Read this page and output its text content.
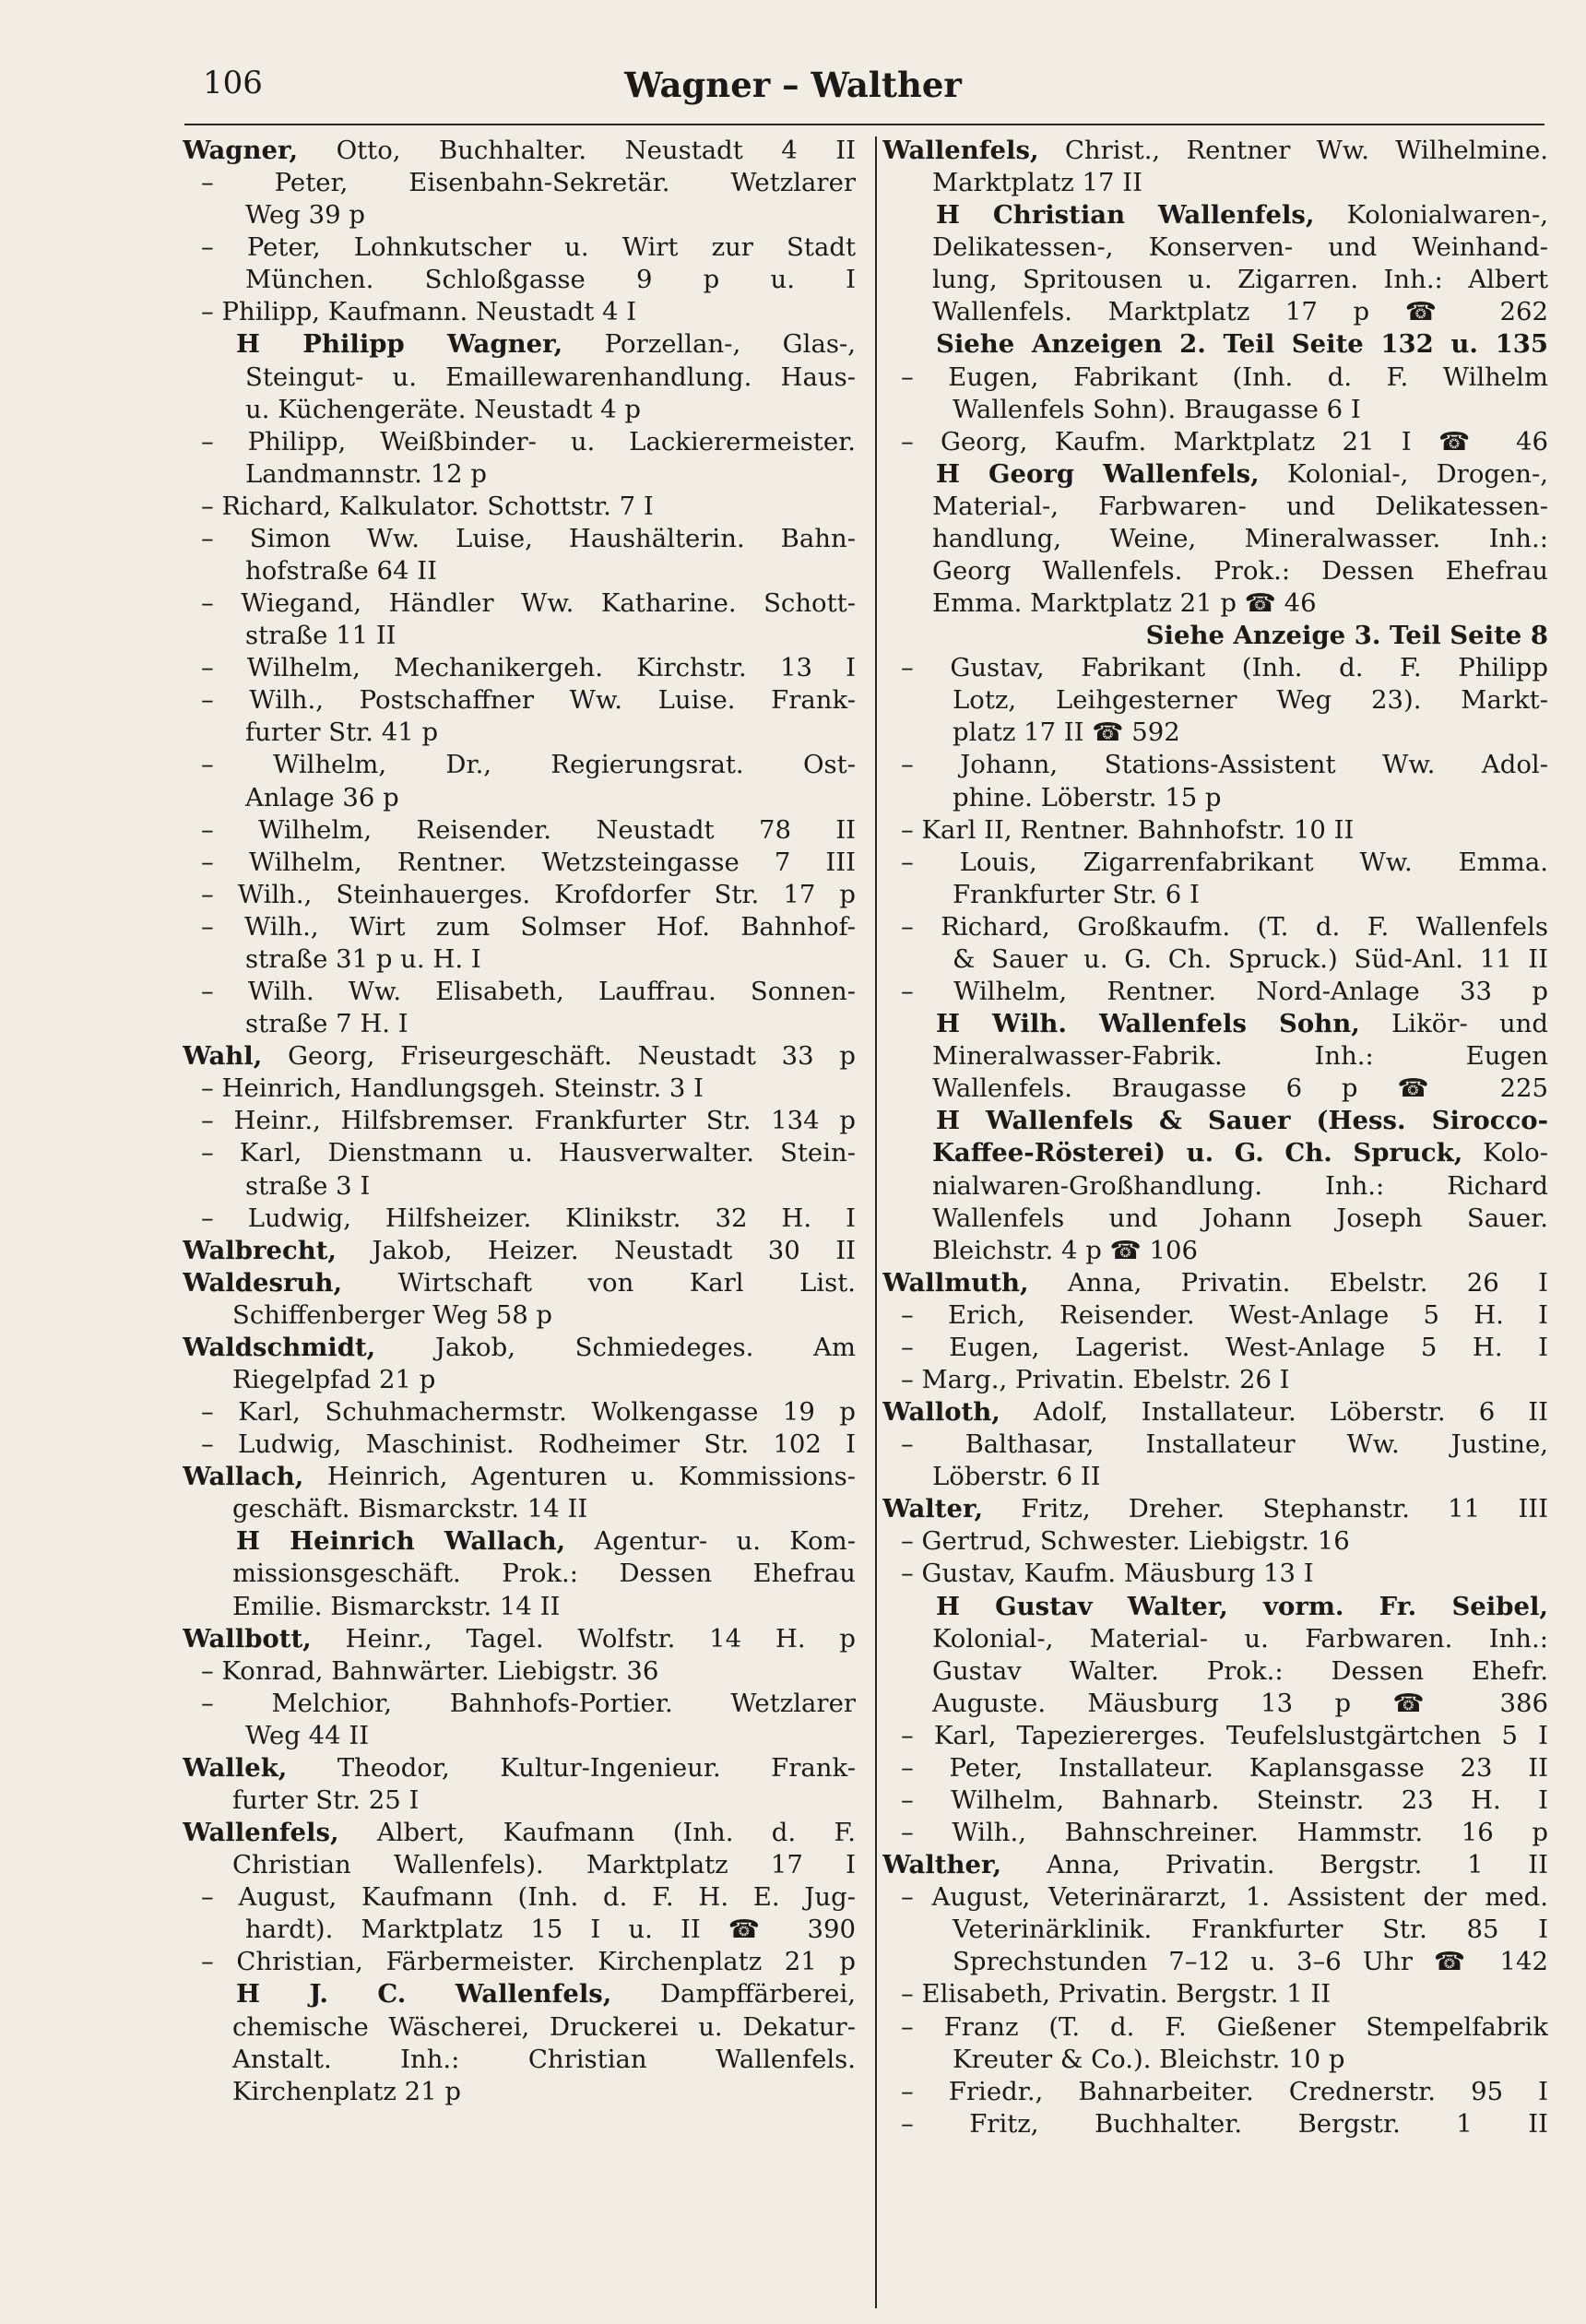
106	Wagner – Walther
Wagner, Otto, Buchhalter. Neustadt 4 II
– Peter, Eisenbahn-Sekretär. Wetzlarer
Weg 39 p
– Peter, Lohnkutscher u. Wirt zur Stadt
München. Schloßgasse 9 p u. I
– Philipp, Kaufmann. Neustadt 4 I
H Philipp Wagner, Porzellan-, Glas-,
Steingut- u. Emaillewarenhandlung. Haus-
u. Küchengeräte. Neustadt 4 p
– Philipp, Weißbinder- u. Lackierermeister.
Landmannstr. 12 p
– Richard, Kalkulator. Schottstr. 7 I
– Simon Ww. Luise, Haushälterin. Bahn-
hofstraße 64 II
– Wiegand, Händler Ww. Katharine. Schott-
straße 11 II
– Wilhelm, Mechanikergeh. Kirchstr. 13 I
– Wilh., Postschaffner Ww. Luise. Frank-
furter Str. 41 p
– Wilhelm, Dr., Regierungsrat. Ost-
Anlage 36 p
– Wilhelm, Reisender. Neustadt 78 II
– Wilhelm, Rentner. Wetzsteingasse 7 III
– Wilh., Steinhauerges. Krofdorfer Str. 17 p
– Wilh., Wirt zum Solmser Hof. Bahnhof-
straße 31 p u. H. I
– Wilh. Ww. Elisabeth, Lauffrau. Sonnen-
straße 7 H. I
Wahl, Georg, Friseurgeschäft. Neustadt 33 p
– Heinrich, Handlungsgeh. Steinstr. 3 I
– Heinr., Hilfsbremser. Frankfurter Str. 134 p
– Karl, Dienstmann u. Hausverwalter. Stein-
straße 3 I
– Ludwig, Hilfsheizer. Klinikstr. 32 H. I
Walbrecht, Jakob, Heizer. Neustadt 30 II
Waldesruh, Wirtschaft von Karl List.
Schiffenberger Weg 58 p
Waldschmidt, Jakob, Schmiedeges. Am
Riegelpfad 21 p
– Karl, Schuhmachermstr. Wolkengasse 19 p
– Ludwig, Maschinist. Rodheimer Str. 102 I
Wallach, Heinrich, Agenturen u. Kommissions-
geschäft. Bismarckstr. 14 II
H Heinrich Wallach, Agentur- u. Kom-
missionsgeschäft. Prok.: Dessen Ehefrau
Emilie. Bismarckstr. 14 II
Wallbott, Heinr., Tagel. Wolfstr. 14 H. p
– Konrad, Bahnwärter. Liebigstr. 36
– Melchior, Bahnhofs-Portier. Wetzlarer
Weg 44 II
Wallek, Theodor, Kultur-Ingenieur. Frank-
furter Str. 25 I
Wallenfels, Albert, Kaufmann (Inh. d. F.
Christian Wallenfels). Marktplatz 17 I
– August, Kaufmann (Inh. d. F. H. E. Jug-
hardt). Marktplatz 15 I u. II ☎ 390
– Christian, Färbermeister. Kirchenplatz 21 p
H J. C. Wallenfels, Dampffärberei,
chemische Wäscherei, Druckerei u. Dekatur-
Anstalt. Inh.: Christian Wallenfels.
Kirchenplatz 21 p
Wallenfels, Christ., Rentner Ww. Wilhelmine.
Marktplatz 17 II
H Christian Wallenfels, Kolonialwaren-,
Delikatessen-, Konserven- und Weinhand-
lung, Spritousen u. Zigarren. Inh.: Albert
Wallenfels. Marktplatz 17 p ☎ 262
Siehe Anzeigen 2. Teil Seite 132 u. 135
– Eugen, Fabrikant (Inh. d. F. Wilhelm
Wallenfels Sohn). Braugasse 6 I
– Georg, Kaufm. Marktplatz 21 I ☎ 46
H Georg Wallenfels, Kolonial-, Drogen-,
Material-, Farbwaren- und Delikatessen-
handlung, Weine, Mineralwasser. Inh.:
Georg Wallenfels. Prok.: Dessen Ehefrau
Emma. Marktplatz 21 p ☎ 46
Siehe Anzeige 3. Teil Seite 8
– Gustav, Fabrikant (Inh. d. F. Philipp
Lotz, Leihgesterner Weg 23). Markt-
platz 17 II ☎ 592
– Johann, Stations-Assistent Ww. Adol-
phine. Löberstr. 15 p
– Karl II, Rentner. Bahnhofstr. 10 II
– Louis, Zigarrenfabrikant Ww. Emma.
Frankfurter Str. 6 I
– Richard, Großkaufm. (T. d. F. Wallenfels
& Sauer u. G. Ch. Spruck.) Süd-Anl. 11 II
– Wilhelm, Rentner. Nord-Anlage 33 p
H Wilh. Wallenfels Sohn, Likör- und
Mineralwasser-Fabrik. Inh.: Eugen
Wallenfels. Braugasse 6 p ☎ 225
H Wallenfels & Sauer (Hess. Sirocco-
Kaffee-Rösterei) u. G. Ch. Spruck, Kolo-
nialwaren-Großhandlung. Inh.: Richard
Wallenfels und Johann Joseph Sauer.
Bleichstr. 4 p ☎ 106
Wallmuth, Anna, Privatin. Ebelstr. 26 I
– Erich, Reisender. West-Anlage 5 H. I
– Eugen, Lagerist. West-Anlage 5 H. I
– Marg., Privatin. Ebelstr. 26 I
Walloth, Adolf, Installateur. Löberstr. 6 II
– Balthasar, Installateur Ww. Justine,
Löberstr. 6 II
Walter, Fritz, Dreher. Stephanstr. 11 III
– Gertrud, Schwester. Liebigstr. 16
– Gustav, Kaufm. Mäusburg 13 I
H Gustav Walter, vorm. Fr. Seibel,
Kolonial-, Material- u. Farbwaren. Inh.:
Gustav Walter. Prok.: Dessen Ehefr.
Auguste. Mäusburg 13 p ☎ 386
– Karl, Tapeziererges. Teufelslustgärtchen 5 I
– Peter, Installateur. Kaplansgasse 23 II
– Wilhelm, Bahnarb. Steinstr. 23 H. I
– Wilh., Bahnschreiner. Hammstr. 16 p
Walther, Anna, Privatin. Bergstr. 1 II
– August, Veterinärarzt, 1. Assistent der med.
Veterinärklinik. Frankfurter Str. 85 I
Sprechstunden 7–12 u. 3–6 Uhr ☎ 142
– Elisabeth, Privatin. Bergstr. 1 II
– Franz (T. d. F. Gießener Stempelfabrik
Kreuter & Co.). Bleichstr. 10 p
– Friedr., Bahnarbeiter. Crednerstr. 95 I
– Fritz, Buchhalter. Bergstr. 1 II
